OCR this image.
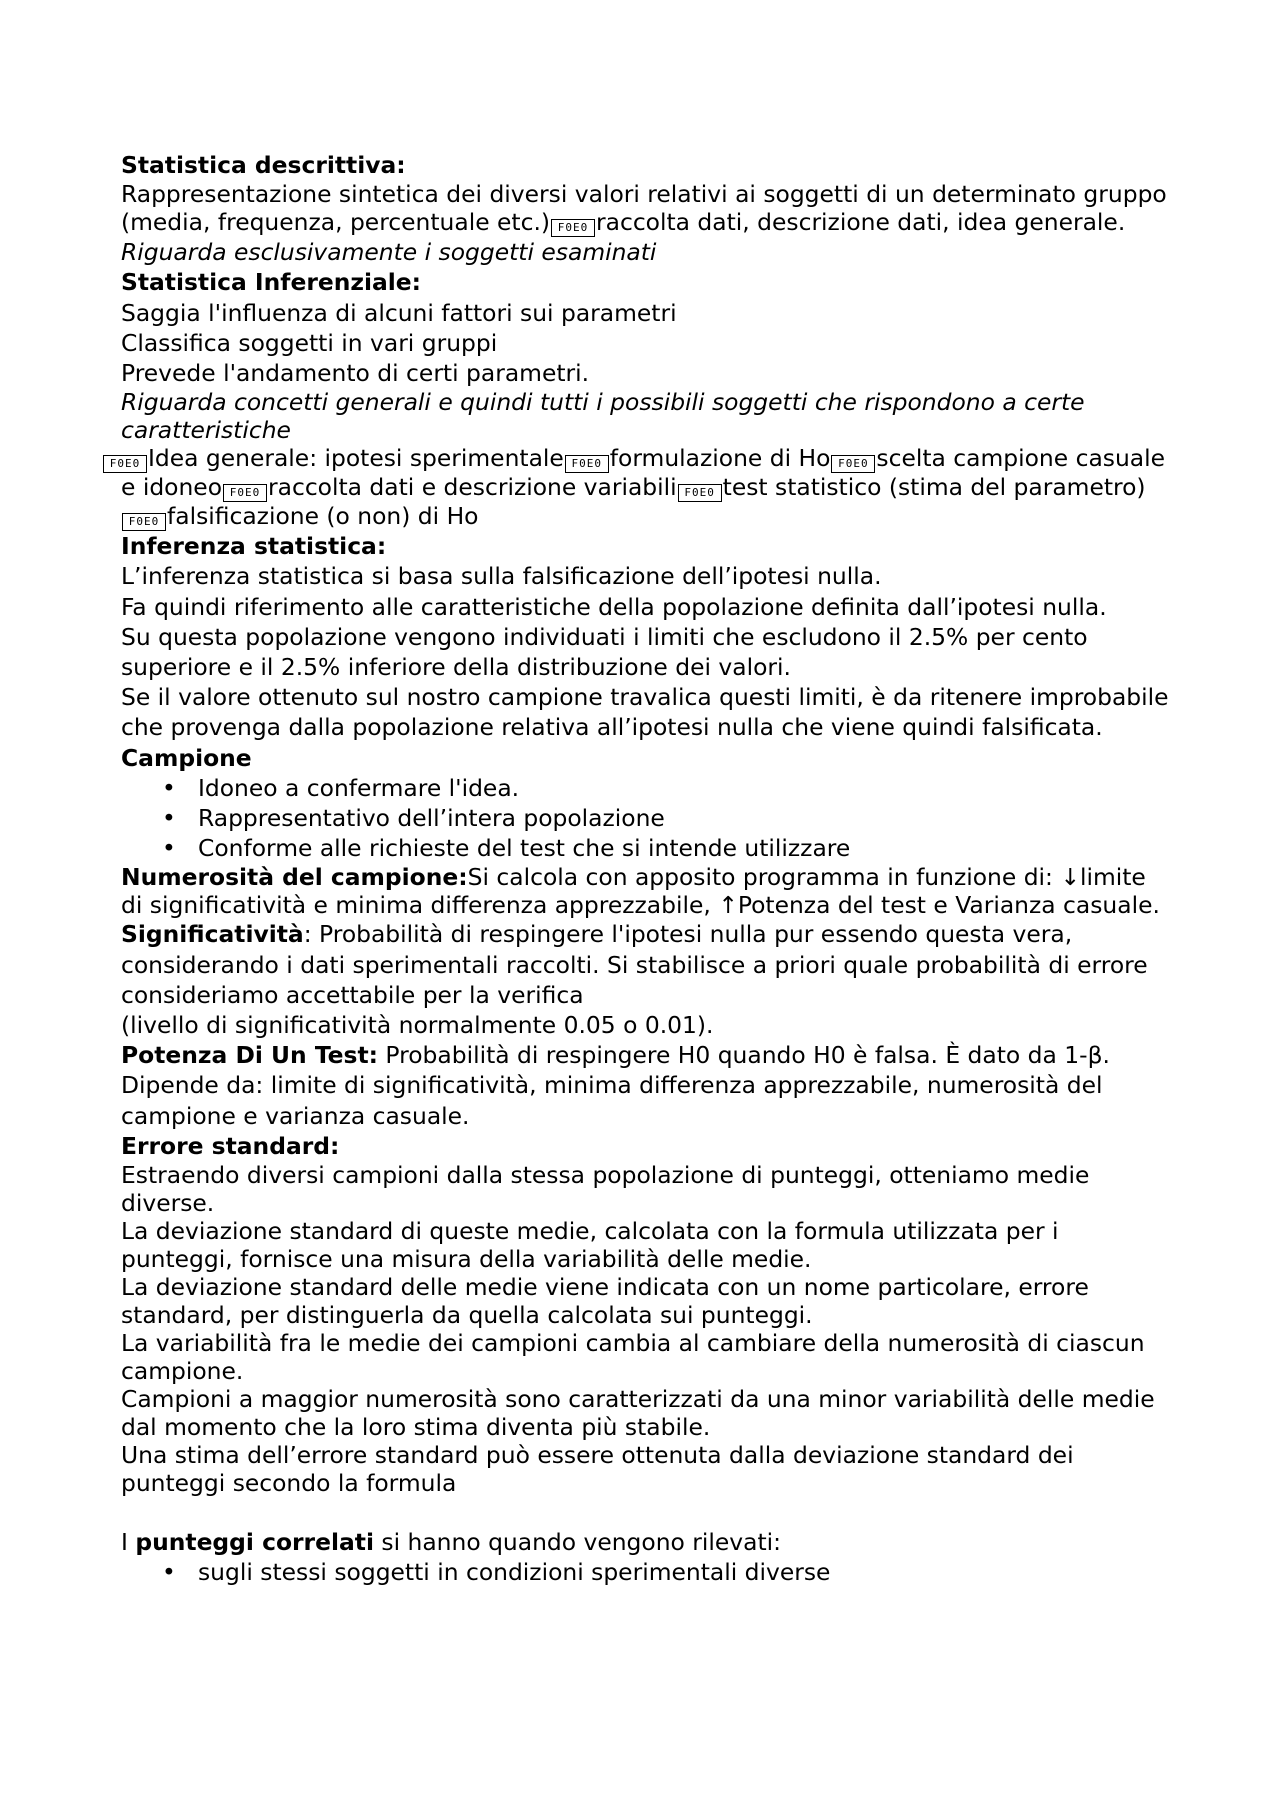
Statistica descrittiva:

Rappresentazione sintetica dei diversi valori relativi ai soggetti di un determinato gruppo (media, frequenza, percentuale etc.) F0E0 raccolta dati, descrizione dati, idea generale.

Riguarda esclusivamente i soggetti esaminati

Statistica Inferenziale:

Saggia l'influenza di alcuni fattori sui parametri

Classifica soggetti in vari gruppi

Prevede l'andamento di certi parametri.

Riguarda concetti generali e quindi tutti i possibili soggetti che rispondono a certe caratteristiche

F0E0 Idea generale: ipotesi sperimentale F0E0 formulazione di Ho F0E0 scelta campione casuale e idoneo F0E0 raccolta dati e descrizione variabili F0E0 test statistico (stima del parametro)F0E0 falsificazione (o non) di Ho

Inferenza statistica:

L’inferenza statistica si basa sulla falsificazione dell’ipotesi nulla.

Fa quindi riferimento alle caratteristiche della popolazione definita dall’ipotesi nulla.

Su questa popolazione vengono individuati i limiti che escludono il 2.5% per cento superiore e il 2.5% inferiore della distribuzione dei valori.

Se il valore ottenuto sul nostro campione travalica questi limiti, è da ritenere improbabile che provenga dalla popolazione relativa all’ipotesi nulla che viene quindi falsificata.

Campione

• Idoneo a confermare l'idea.
• Rappresentativo dell’intera popolazione
• Conforme alle richieste del test che si intende utilizzare

Numerosità del campione:Si calcola con apposito programma in funzione di: ↓limite di significatività e minima differenza apprezzabile, ↑Potenza del test e Varianza casuale.

Significatività: Probabilità di respingere l'ipotesi nulla pur essendo questa vera, considerando i dati sperimentali raccolti. Si stabilisce a priori quale probabilità di errore consideriamo accettabile per la verifica

(livello di significatività normalmente 0.05 o 0.01).

Potenza Di Un Test: Probabilità di respingere H0 quando H0 è falsa. È dato da 1-β.

Dipende da: limite di significatività, minima differenza apprezzabile, numerosità del campione e varianza casuale.

Errore standard:

Estraendo diversi campioni dalla stessa popolazione di punteggi, otteniamo medie diverse.

La deviazione standard di queste medie, calcolata con la formula utilizzata per i punteggi, fornisce una misura della variabilità delle medie.

La deviazione standard delle medie viene indicata con un nome particolare, errore standard, per distinguerla da quella calcolata sui punteggi.

La variabilità fra le medie dei campioni cambia al cambiare della numerosità di ciascun campione.

Campioni a maggior numerosità sono caratterizzati da una minor variabilità delle medie dal momento che la loro stima diventa più stabile.

Una stima dell’errore standard può essere ottenuta dalla deviazione standard dei punteggi secondo la formula

I punteggi correlati si hanno quando vengono rilevati:

• sugli stessi soggetti in condizioni sperimentali diverse
